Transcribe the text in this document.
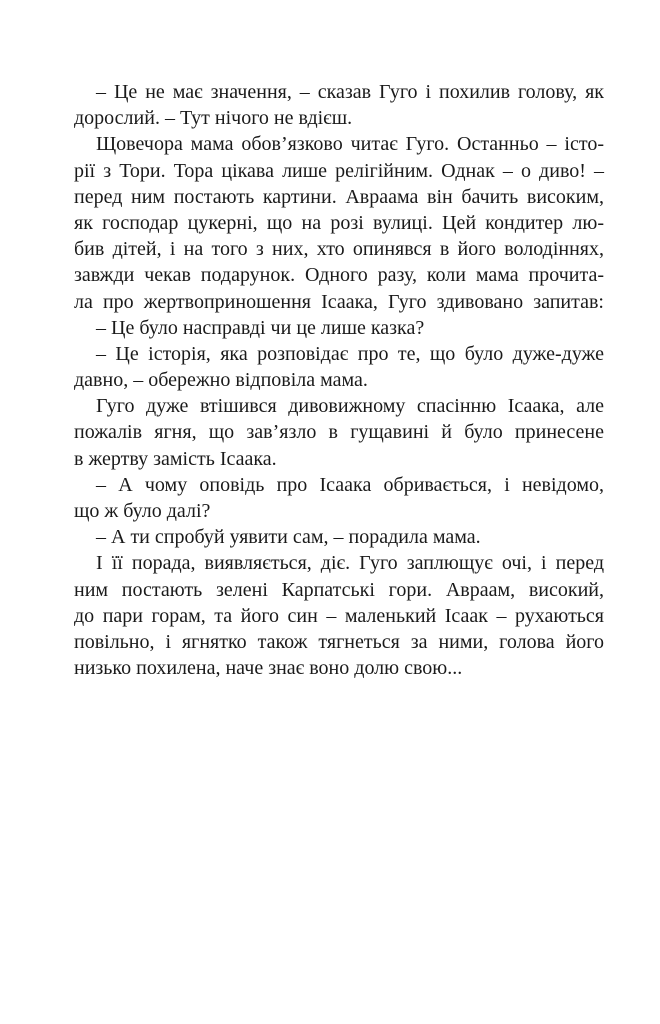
– Це не має значення, – сказав Гуго і похилив голову, як
дорослий. – Тут нічого не вдієш.
Щовечора мама обов’язково читає Гуго. Останньо – істо-
рії з Тори. Тора цікава лише релігійним. Однак – о диво! –
перед ним постають картини. Авраама він бачить високим,
як господар цукерні, що на розі вулиці. Цей кондитер лю-
бив дітей, і на того з них, хто опинявся в його володіннях,
завжди чекав подарунок. Одного разу, коли мама прочита-
ла про жертвоприношення Ісаака, Гуго здивовано запитав:
– Це було насправді чи це лише казка?
– Це історія, яка розповідає про те, що було дуже-дуже
давно, – обережно відповіла мама.
Гуго дуже втішився дивовижному спасінню Ісаака, але
пожалів ягня, що зав’язло в гущавині й було принесене
в жертву замість Ісаака.
– А чому оповідь про Ісаака обривається, і невідомо,
що ж було далі?
– А ти спробуй уявити сам, – порадила мама.
І її порада, виявляється, діє. Гуго заплющує очі, і перед
ним постають зелені Карпатські гори. Авраам, високий,
до пари горам, та його син – маленький Ісаак – рухаються
повільно, і ягнятко також тягнеться за ними, голова його
низько похилена, наче знає воно долю свою...
